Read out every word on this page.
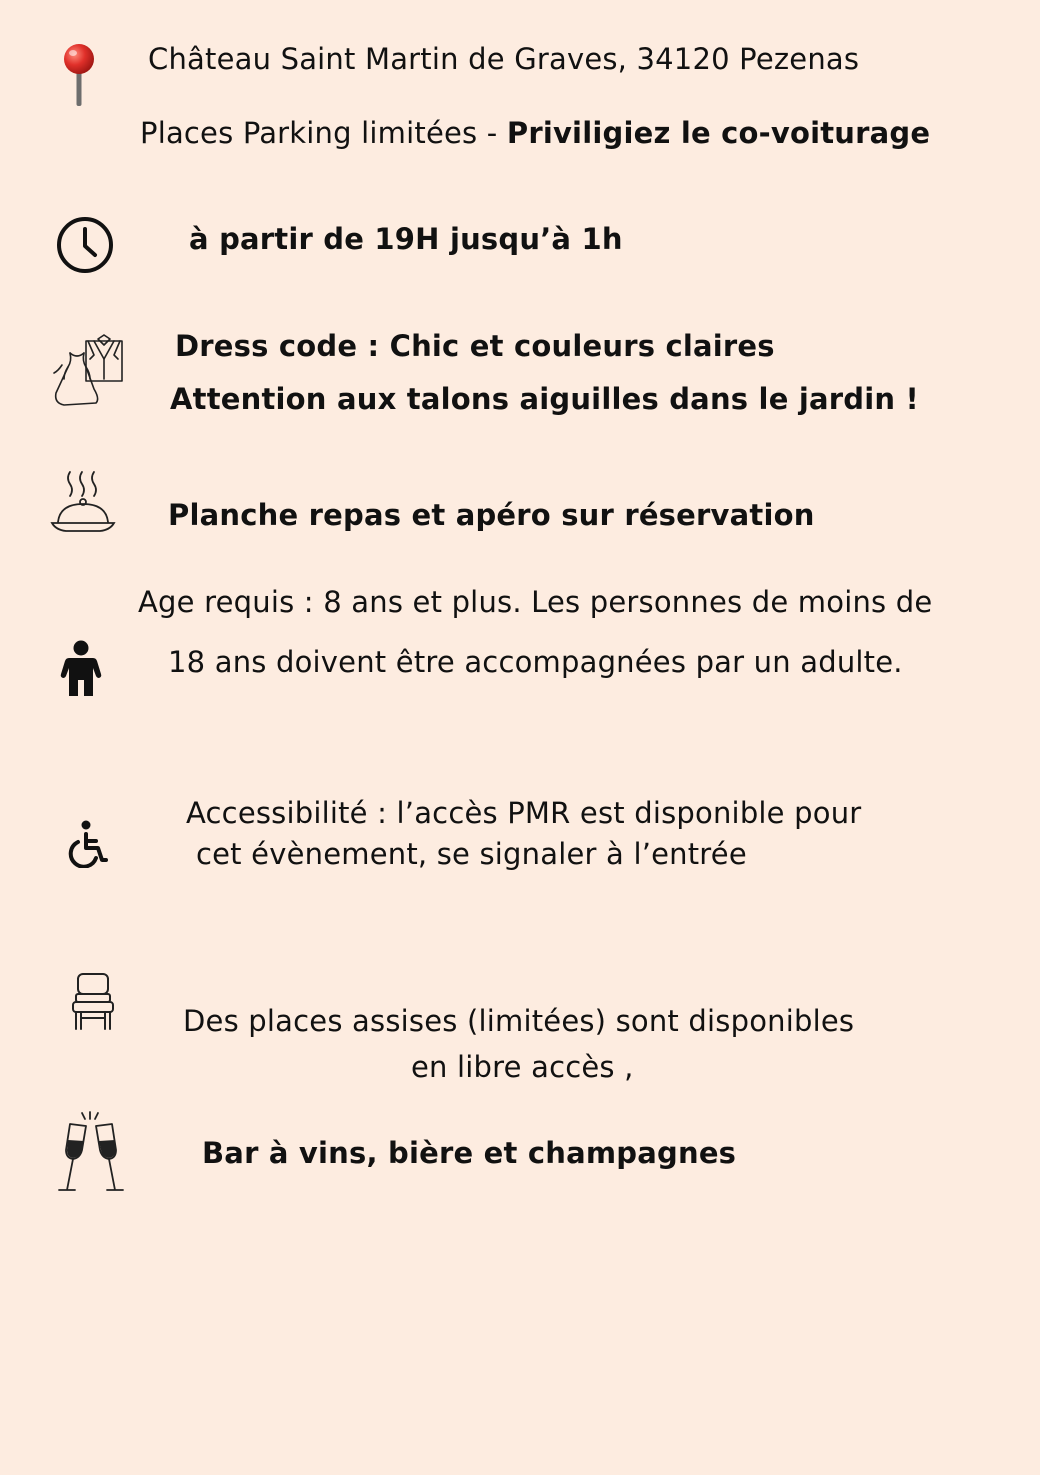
Château Saint Martin de Graves, 34120 Pezenas
Places Parking limitées - Priviligiez le co-voiturage
à partir de 19H jusqu’à 1h
Dress code : Chic et couleurs claires
Attention aux talons aiguilles dans le jardin !
Planche repas et apéro sur réservation
Age requis : 8 ans et plus. Les personnes de moins de
18 ans doivent être accompagnées par un adulte.
Accessibilité : l’accès PMR est disponible pour
cet évènement, se signaler à l’entrée
Des places assises (limitées) sont disponibles
en libre accès ,
Bar à vins, bière et champagnes
